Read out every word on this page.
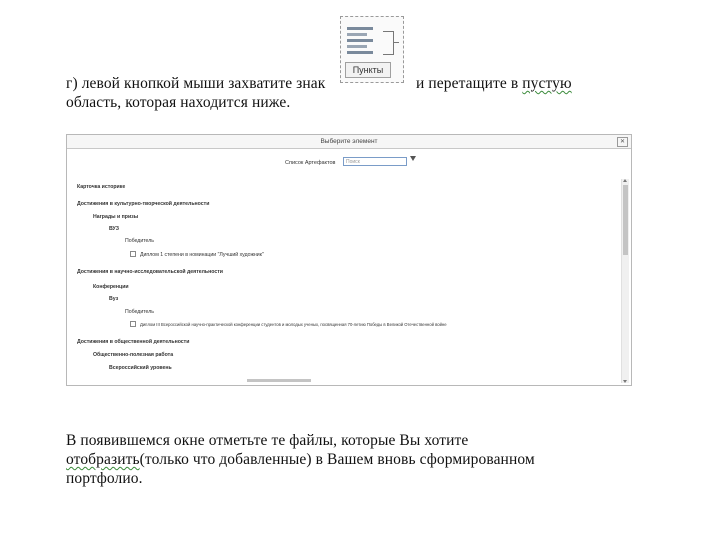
г) левой кнопкой мыши захватите знак	и перетащите в пустую
область, которая находится ниже.
Пункты
Выберите элемент	✕
Список Артефактов	Поиск
Карточка историке
Достижения в культурно-творческой деятельности
Награды и призы
ВУЗ
Победитель
Диплом 1 степени в номинации "Лучший художник"
Достижения в научно-исследовательской деятельности
Конференции
Вуз
Победитель
Диплом III Всероссийской научно-практической конференции студентов и молодых ученых, посвященная 70-летию Победы в Великой Отечественной войне
Достижения в общественной деятельности
Общественно-полезная работа
Всероссийский уровень
В появившемся окне отметьте те файлы, которые Вы хотите
отобразить(только что добавленные) в Вашем вновь сформированном
портфолио.
